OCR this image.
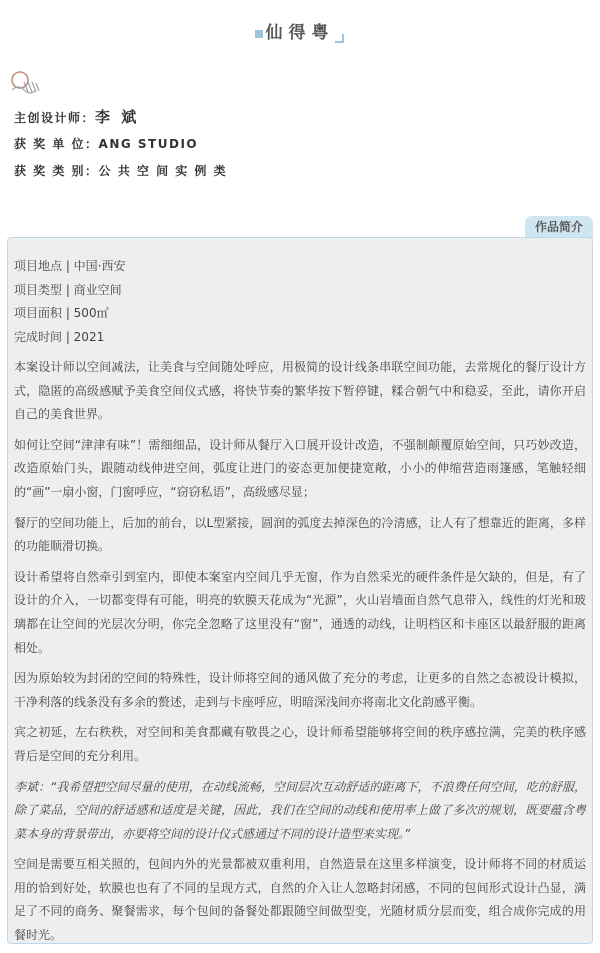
仙得粤
主创设计师：李 斌
获 奖 单 位：ANG STUDIO
获 奖 类 别：公 共 空 间 实 例 类
作品简介
项目地点 | 中国·西安
项目类型 | 商业空间
项目面积 | 500㎡
完成时间 | 2021
本案设计师以空间减法，让美食与空间随处呼应，用极简的设计线条串联空间功能，去常规化的餐厅设计方式，隐匿的高级感赋予美食空间仪式感，将快节奏的繁华按下暂停键，糅合朝气中和稳妥，至此，请你开启自己的美食世界。
如何让空间“津津有味”！需细细品，设计师从餐厅入口展开设计改造，不强制颠覆原始空间，只巧妙改造，改造原始门头，跟随动线伸进空间，弧度让进门的姿态更加便捷宽敞，小小的伸缩营造雨篷感，笔触轻细的“画”一扇小窗，门窗呼应，“窃窃私语”，高级感尽显；
餐厅的空间功能上，后加的前台，以L型紧接，圆润的弧度去掉深色的冷清感，让人有了想靠近的距离，多样的功能顺滑切换。
设计希望将自然牵引到室内，即使本案室内空间几乎无窗，作为自然采光的硬件条件是欠缺的，但是，有了设计的介入，一切都变得有可能，明亮的软膜天花成为“光源”，火山岩墙面自然气息带入，线性的灯光和玻璃都在让空间的光层次分明，你完全忽略了这里没有“窗”，通透的动线，让明档区和卡座区以最舒服的距离相处。
因为原始较为封闭的空间的特殊性，设计师将空间的通风做了充分的考虑，让更多的自然之态被设计模拟，干净利落的线条没有多余的赘述，走到与卡座呼应，明暗深浅间亦将南北文化韵感平衡。
宾之初延，左右秩秩，对空间和美食都藏有敬畏之心，设计师希望能够将空间的秩序感拉满，完美的秩序感背后是空间的充分利用。
李斌：“我希望把空间尽量的使用，在动线流畅，空间层次互动舒适的距离下，不浪费任何空间，吃的舒服，除了菜品，空间的舒适感和适度是关键，因此，我们在空间的动线和使用率上做了多次的规划，既要蕴含粤菜本身的背景带出，亦要将空间的设计仪式感通过不同的设计造型来实现。”
空间是需要互相关照的，包间内外的光景都被双重利用，自然造景在这里多样演变，设计师将不同的材质运用的恰到好处，软膜也也有了不同的呈现方式，自然的介入让人忽略封闭感，不同的包间形式设计凸显，满足了不同的商务、聚餐需求，每个包间的备餐处都跟随空间做型变，光随材质分层而变，组合成你完成的用餐时光。
